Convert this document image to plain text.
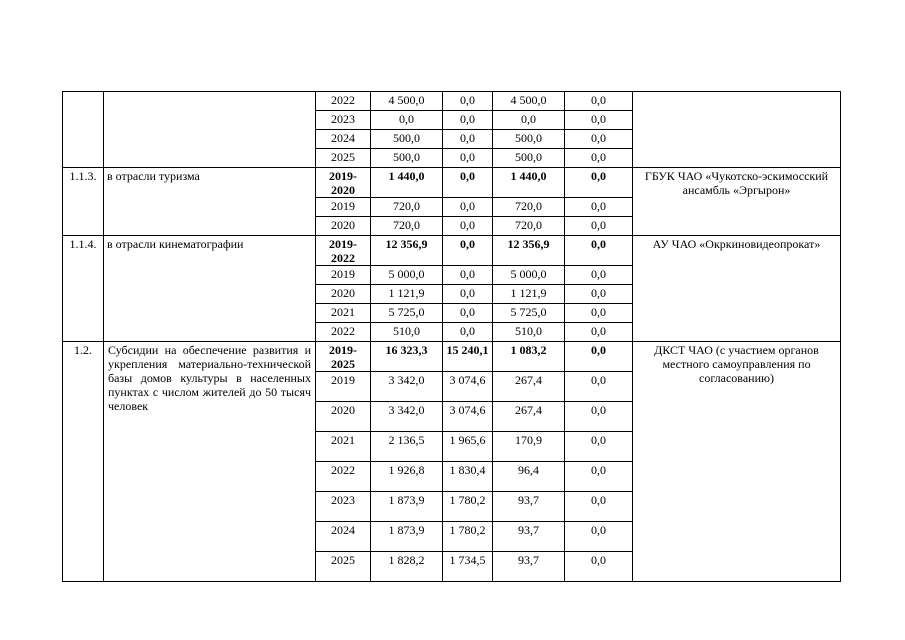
		2022	4 500,0	0,0	4 500,0	0,0	
		2023	0,0	0,0	0,0	0,0	
		2024	500,0	0,0	500,0	0,0	
		2025	500,0	0,0	500,0	0,0	
1.1.3.	в отрасли туризма	2019-2020	1 440,0	0,0	1 440,0	0,0	ГБУК ЧАО «Чукотско-эскимосский ансамбль «Эргырон»
		2019	720,0	0,0	720,0	0,0	
		2020	720,0	0,0	720,0	0,0	
1.1.4.	в отрасли кинематографии	2019-2022	12 356,9	0,0	12 356,9	0,0	АУ ЧАО «Окркиновидеопрокат»
		2019	5 000,0	0,0	5 000,0	0,0	
		2020	1 121,9	0,0	1 121,9	0,0	
		2021	5 725,0	0,0	5 725,0	0,0	
		2022	510,0	0,0	510,0	0,0	
1.2.	Субсидии на обеспечение развития и укрепления материально-технической базы домов культуры в населенных пунктах с числом жителей до 50 тысяч человек	2019-2025	16 323,3	15 240,1	1 083,2	0,0	ДКСТ ЧАО (с участием органов местного самоуправления по согласованию)
		2019	3 342,0	3 074,6	267,4	0,0	
		2020	3 342,0	3 074,6	267,4	0,0	
		2021	2 136,5	1 965,6	170,9	0,0	
		2022	1 926,8	1 830,4	96,4	0,0	
		2023	1 873,9	1 780,2	93,7	0,0	
		2024	1 873,9	1 780,2	93,7	0,0	
		2025	1 828,2	1 734,5	93,7	0,0	
